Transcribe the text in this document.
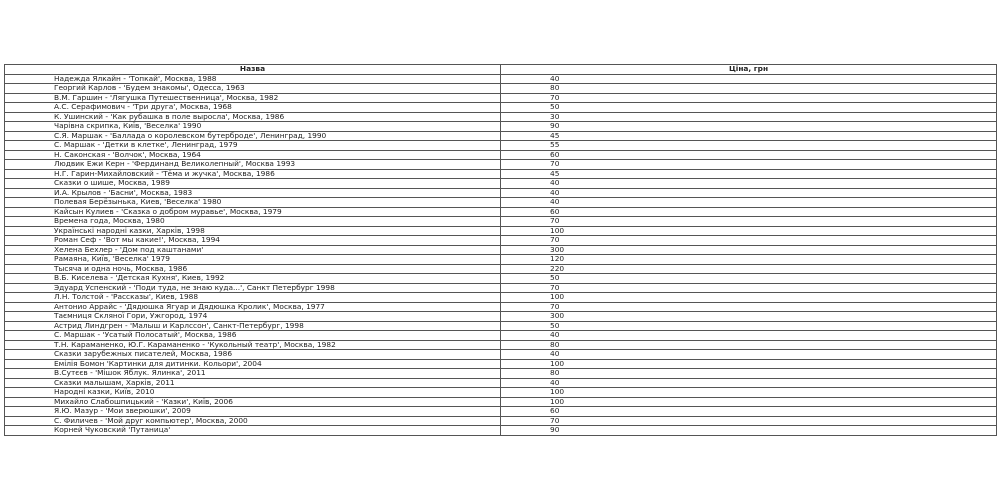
Назва	Ціна, грн
Надежда Ялкайн - 'Топкай', Москва, 1988	40
Георгий Карлов - 'Будем знакомы', Одесса, 1963	80
В.М. Гаршин - 'Лягушка Путешественница', Москва, 1982	70
А.С. Серафимович - 'Три друга', Москва, 1968	50
К. Ушинский - 'Как рубашка в поле выросла', Москва, 1986	30
Чарівна скрипка, Київ, 'Веселка' 1990	90
С.Я. Маршак - 'Баллада о королевском бутерброде', Ленинград, 1990	45
С. Маршак - 'Детки в клетке', Ленинград, 1979	55
Н. Саконская - 'Волчок', Москва, 1964	60
Людвик Ежи Керн - 'Фердинанд Великолепный', Москва 1993	70
Н.Г. Гарин-Михайловский - 'Тёма и жучка', Москва, 1986	45
Сказки о шише, Москва, 1989	40
И.А. Крылов - 'Басни', Москва, 1983	40
Полевая Берёзынька, Киев, 'Веселка' 1980	40
Кайсын Кулиев - 'Сказка о добром муравье', Москва, 1979	60
Времена года, Москва, 1980	70
Українські народні казки, Харків, 1998	100
Роман Сеф - 'Вот мы какие!', Москва, 1994	70
Хелена Бехлер - 'Дом под каштанами'	300
Рамаяна, Київ, 'Веселка' 1979	120
Тысяча и одна ночь, Москва, 1986	220
В.Б. Киселева - 'Детская Кухня', Киев, 1992	50
Эдуард Успенский - 'Поди туда, не знаю куда...', Санкт Петербург 1998	70
Л.Н. Толстой - 'Рассказы', Киев, 1988	100
Антонио Аррайс - 'Дядюшка Ягуар и Дядюшка Кролик', Москва, 1977	70
Таємниця Скляної Гори, Ужгород, 1974	300
Астрид Линдгрен - 'Малыш и Карлссон', Санкт-Петербург, 1998	50
С. Маршак - 'Усатый Полосатый', Москва, 1986	40
Т.Н. Караманенко, Ю.Г. Караманенко - 'Кукольный театр', Москва, 1982	80
Сказки зарубежных писателей, Москва, 1986	40
Емілія Бомон 'Картинки для дитинки. Кольори', 2004	100
В.Сутєєв - 'Мішок Яблук. Ялинка', 2011	80
Сказки малышам, Харків, 2011	40
Народні казки, Київ, 2010	100
Михайло Слабошпицький - 'Казки', Київ, 2006	100
Я.Ю. Мазур - 'Мои зверюшки', 2009	60
С. Филичев - 'Мой друг компьютер', Москва, 2000	70
Корней Чуковский 'Путаница'	90
